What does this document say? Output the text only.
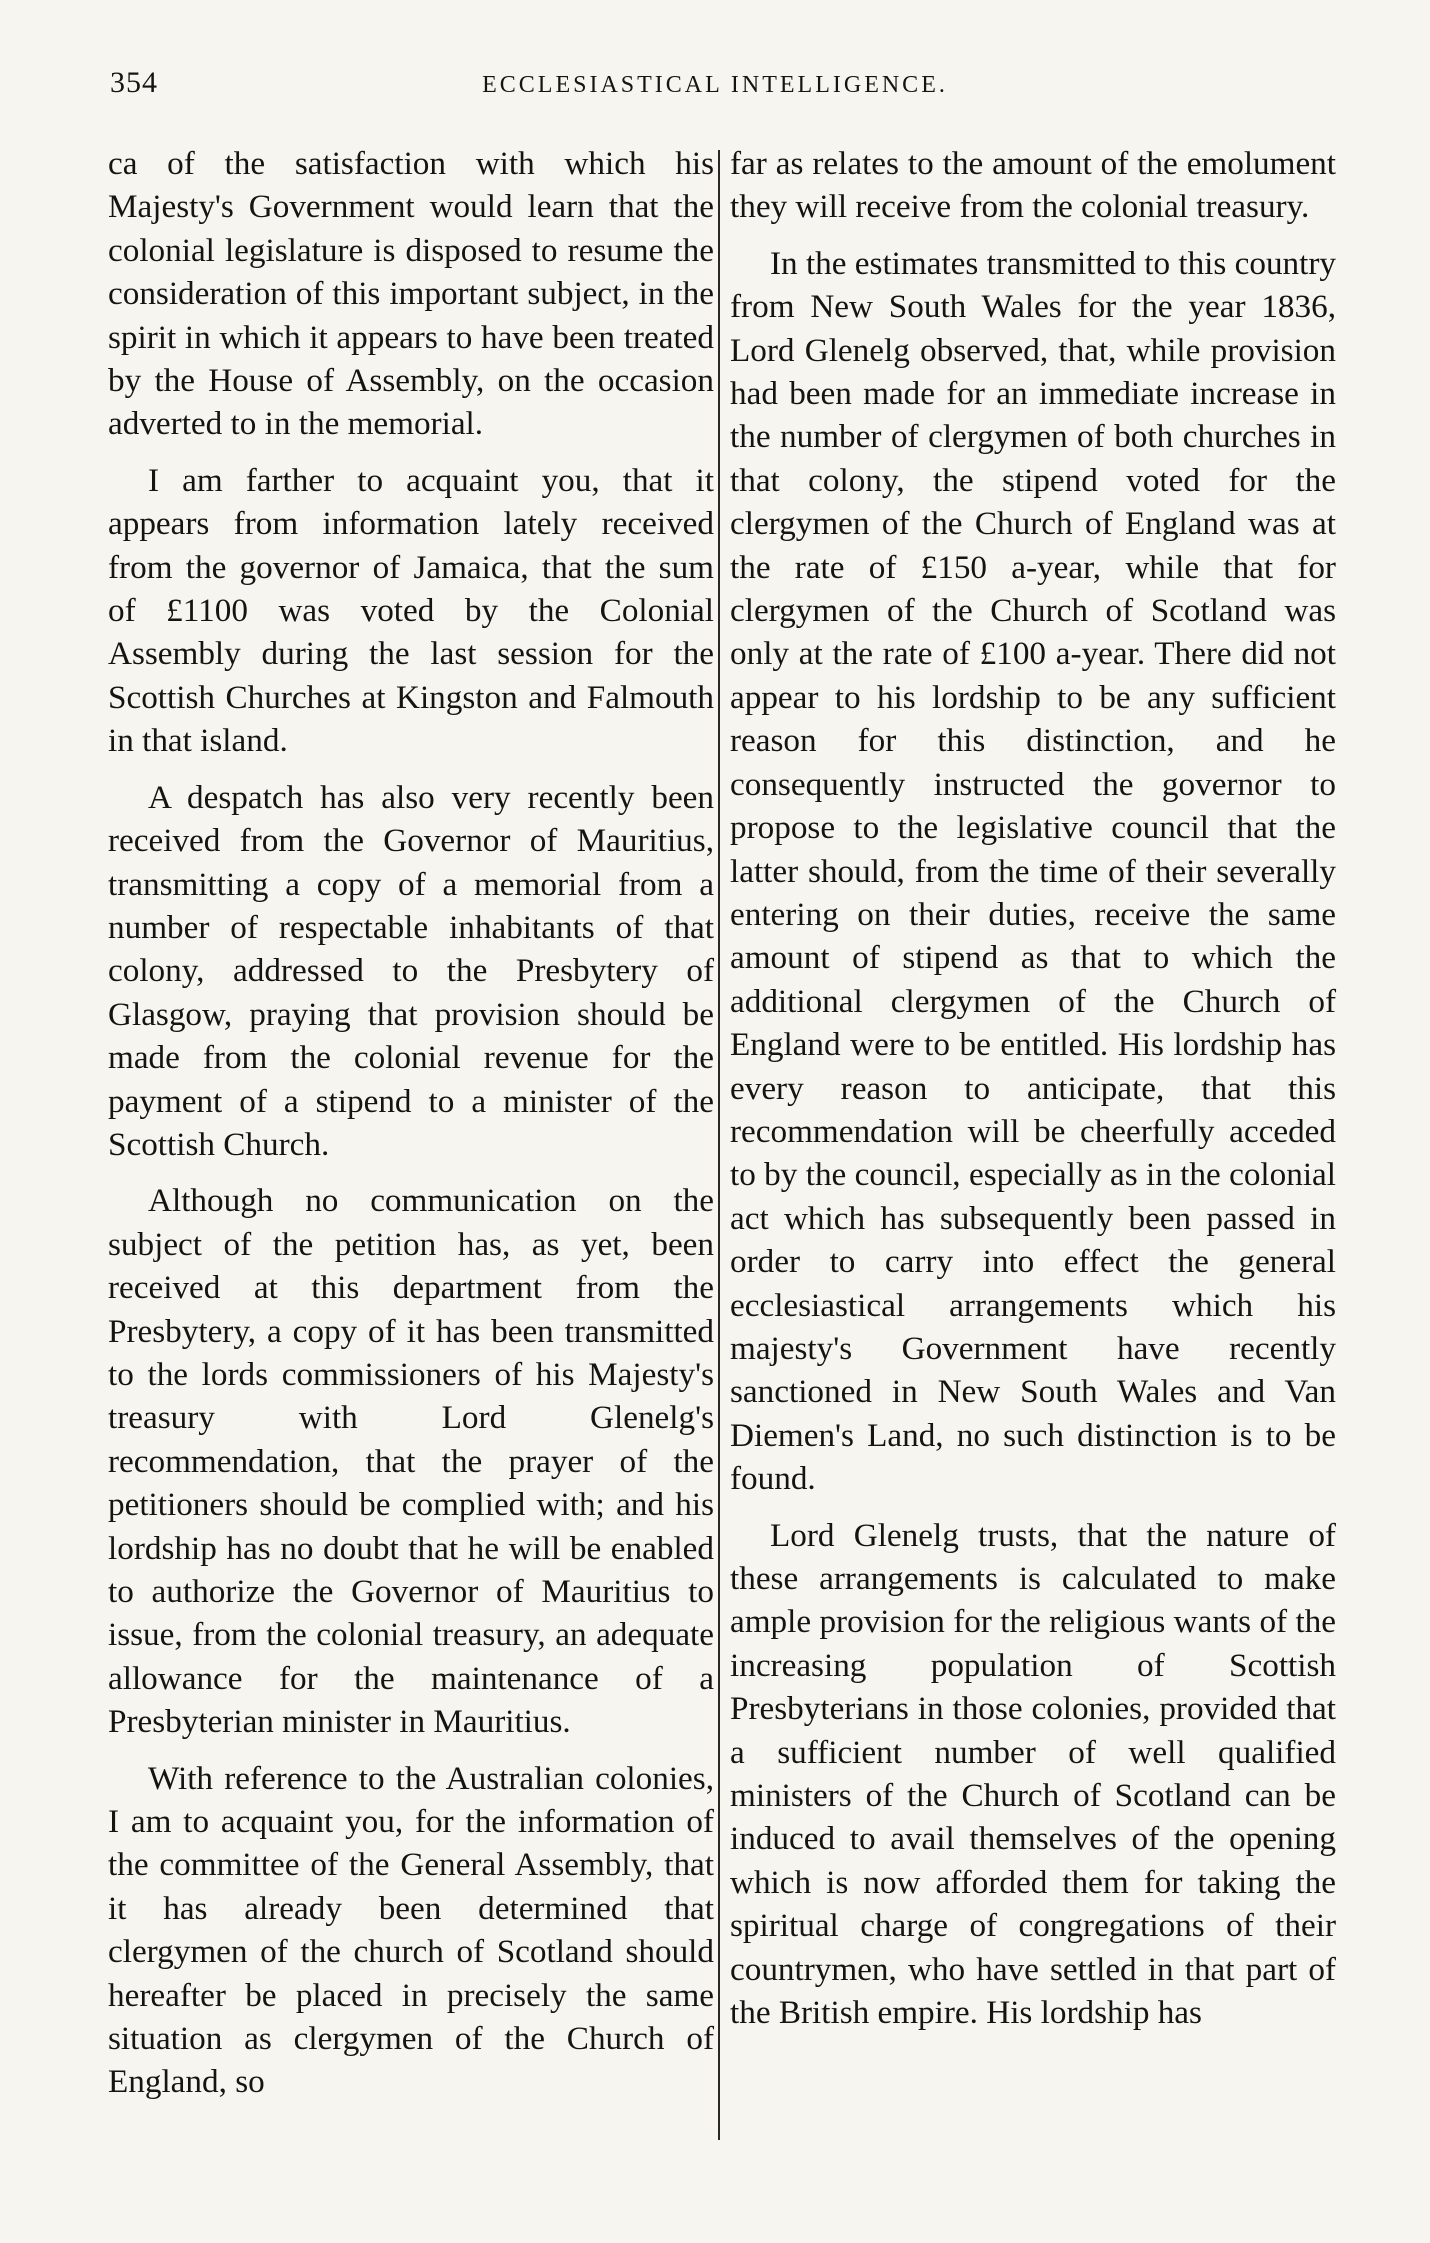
354	ECCLESIASTICAL INTELLIGENCE.

ca of the satisfaction with which his Majesty's Government would learn that the colonial legislature is disposed to resume the consideration of this important subject, in the spirit in which it appears to have been treated by the House of Assembly, on the occasion adverted to in the memorial.

I am farther to acquaint you, that it appears from information lately received from the governor of Jamaica, that the sum of £1100 was voted by the Colonial Assembly during the last session for the Scottish Churches at Kingston and Falmouth in that island.

A despatch has also very recently been received from the Governor of Mauritius, transmitting a copy of a memorial from a number of respectable inhabitants of that colony, addressed to the Presbytery of Glasgow, praying that provision should be made from the colonial revenue for the payment of a stipend to a minister of the Scottish Church.

Although no communication on the subject of the petition has, as yet, been received at this department from the Presbytery, a copy of it has been transmitted to the lords commissioners of his Majesty's treasury with Lord Glenelg's recommendation, that the prayer of the petitioners should be complied with; and his lordship has no doubt that he will be enabled to authorize the Governor of Mauritius to issue, from the colonial treasury, an adequate allowance for the maintenance of a Presbyterian minister in Mauritius.

With reference to the Australian colonies, I am to acquaint you, for the information of the committee of the General Assembly, that it has already been determined that clergymen of the church of Scotland should hereafter be placed in precisely the same situation as clergymen of the Church of England, so

far as relates to the amount of the emolument they will receive from the colonial treasury.

In the estimates transmitted to this country from New South Wales for the year 1836, Lord Glenelg observed, that, while provision had been made for an immediate increase in the number of clergymen of both churches in that colony, the stipend voted for the clergymen of the Church of England was at the rate of £150 a-year, while that for clergymen of the Church of Scotland was only at the rate of £100 a-year. There did not appear to his lordship to be any sufficient reason for this distinction, and he consequently instructed the governor to propose to the legislative council that the latter should, from the time of their severally entering on their duties, receive the same amount of stipend as that to which the additional clergymen of the Church of England were to be entitled. His lordship has every reason to anticipate, that this recommendation will be cheerfully acceded to by the council, especially as in the colonial act which has subsequently been passed in order to carry into effect the general ecclesiastical arrangements which his majesty's Government have recently sanctioned in New South Wales and Van Diemen's Land, no such distinction is to be found.

Lord Glenelg trusts, that the nature of these arrangements is calculated to make ample provision for the religious wants of the increasing population of Scottish Presbyterians in those colonies, provided that a sufficient number of well qualified ministers of the Church of Scotland can be induced to avail themselves of the opening which is now afforded them for taking the spiritual charge of congregations of their countrymen, who have settled in that part of the British empire. His lordship has
